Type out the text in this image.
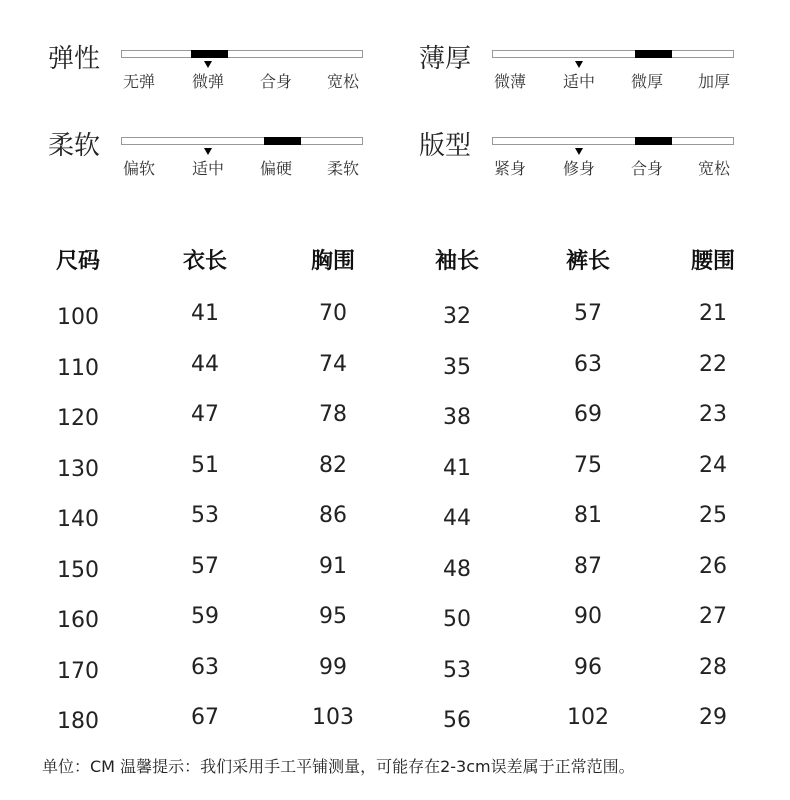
弹性
无弹 微弹 合身 宽松
薄厚
微薄 适中 微厚 加厚
柔软
偏软 适中 偏硬 柔软
版型
紧身 修身 合身 宽松
尺码	衣长	胸围	袖长	裤长	腰围
100	41	70	32	57	21
110	44	74	35	63	22
120	47	78	38	69	23
130	51	82	41	75	24
140	53	86	44	81	25
150	57	91	48	87	26
160	59	95	50	90	27
170	63	99	53	96	28
180	67	103	56	102	29
单位：CM 温馨提示：我们采用手工平铺测量，可能存在2-3cm误差属于正常范围。
